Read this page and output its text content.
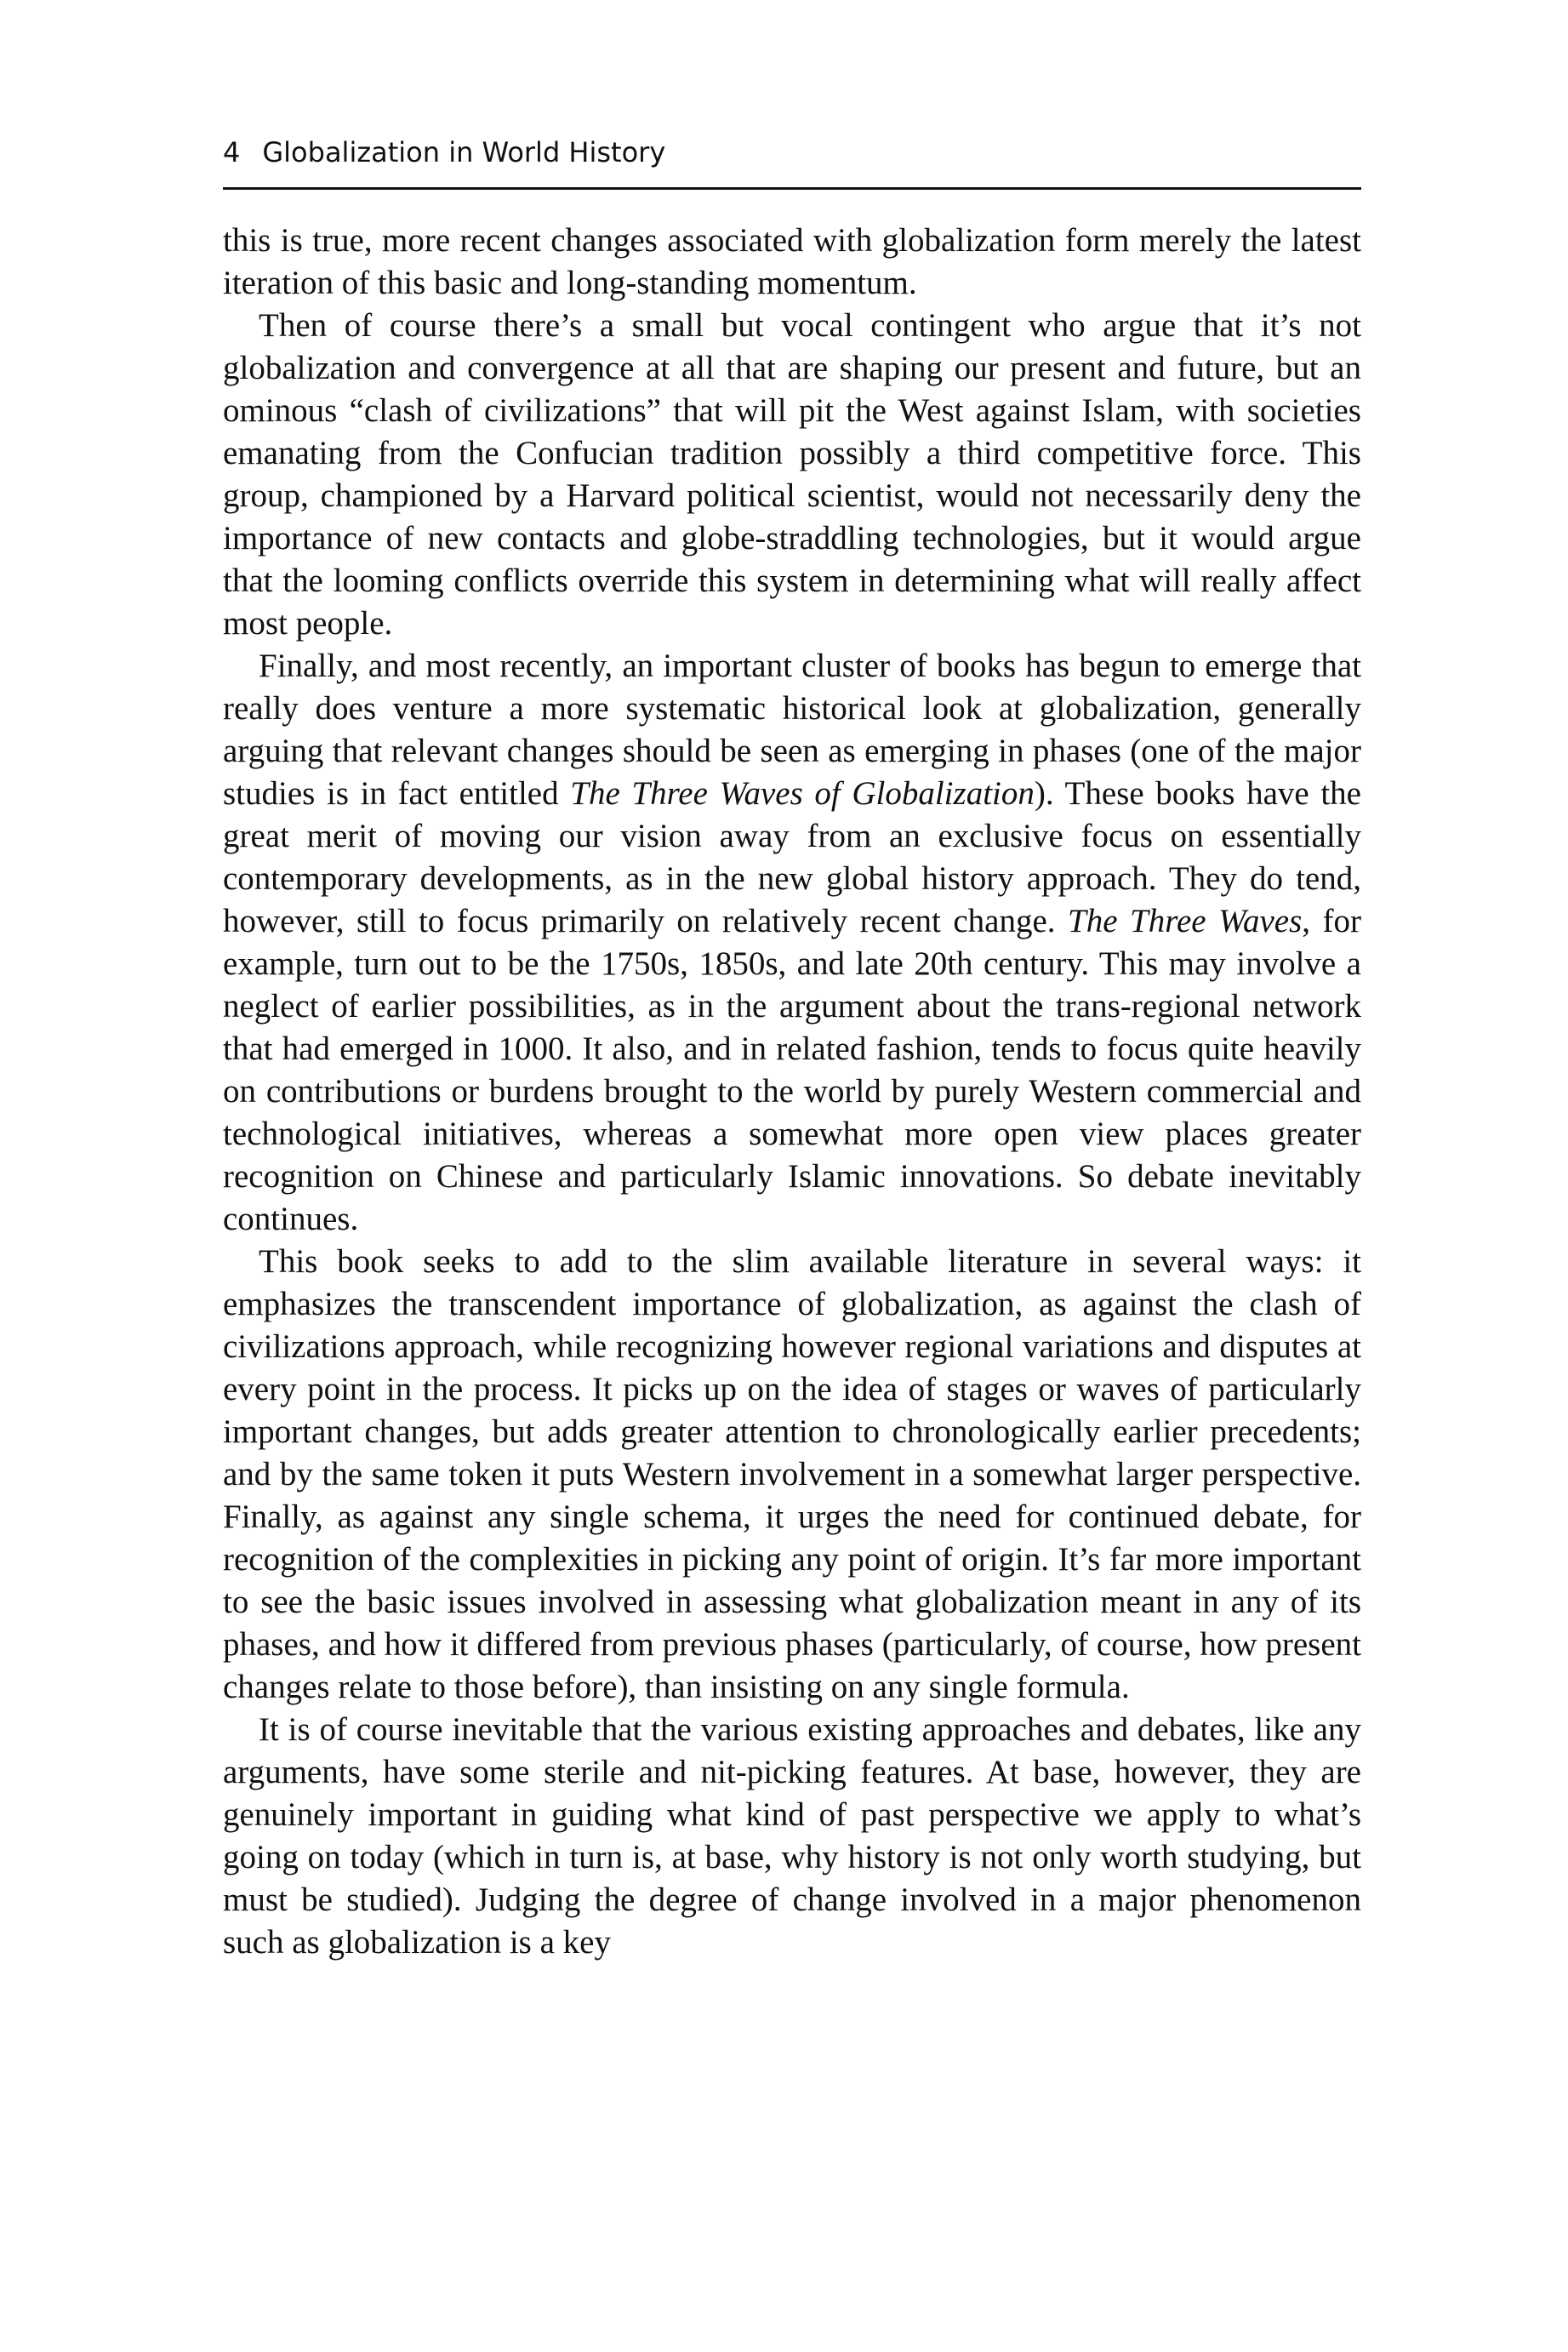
4 Globalization in World History

this is true, more recent changes associated with globalization form merely the latest iteration of this basic and long-standing momentum.

Then of course there’s a small but vocal contingent who argue that it’s not globalization and convergence at all that are shaping our present and future, but an ominous “clash of civilizations” that will pit the West against Islam, with societies emanating from the Confucian tradition possibly a third competitive force. This group, championed by a Harvard political scientist, would not necessarily deny the importance of new contacts and globe-straddling technologies, but it would argue that the looming conflicts override this system in determining what will really affect most people.

Finally, and most recently, an important cluster of books has begun to emerge that really does venture a more systematic historical look at globalization, generally arguing that relevant changes should be seen as emerging in phases (one of the major studies is in fact entitled The Three Waves of Globalization). These books have the great merit of moving our vision away from an exclusive focus on essentially contemporary developments, as in the new global history approach. They do tend, however, still to focus primarily on relatively recent change. The Three Waves, for example, turn out to be the 1750s, 1850s, and late 20th century. This may involve a neglect of earlier possibilities, as in the argument about the trans-regional network that had emerged in 1000. It also, and in related fashion, tends to focus quite heavily on contributions or burdens brought to the world by purely Western commercial and technological initiatives, whereas a somewhat more open view places greater recognition on Chinese and particularly Islamic innovations. So debate inevitably continues.

This book seeks to add to the slim available literature in several ways: it emphasizes the transcendent importance of globalization, as against the clash of civilizations approach, while recognizing however regional variations and disputes at every point in the process. It picks up on the idea of stages or waves of particularly important changes, but adds greater attention to chronologically earlier precedents; and by the same token it puts Western involvement in a somewhat larger perspective. Finally, as against any single schema, it urges the need for continued debate, for recognition of the complexities in picking any point of origin. It’s far more important to see the basic issues involved in assessing what globalization meant in any of its phases, and how it differed from previous phases (particularly, of course, how present changes relate to those before), than insisting on any single formula.

It is of course inevitable that the various existing approaches and debates, like any arguments, have some sterile and nit-picking features. At base, however, they are genuinely important in guiding what kind of past perspective we apply to what’s going on today (which in turn is, at base, why history is not only worth studying, but must be studied). Judging the degree of change involved in a major phenomenon such as globalization is a key
